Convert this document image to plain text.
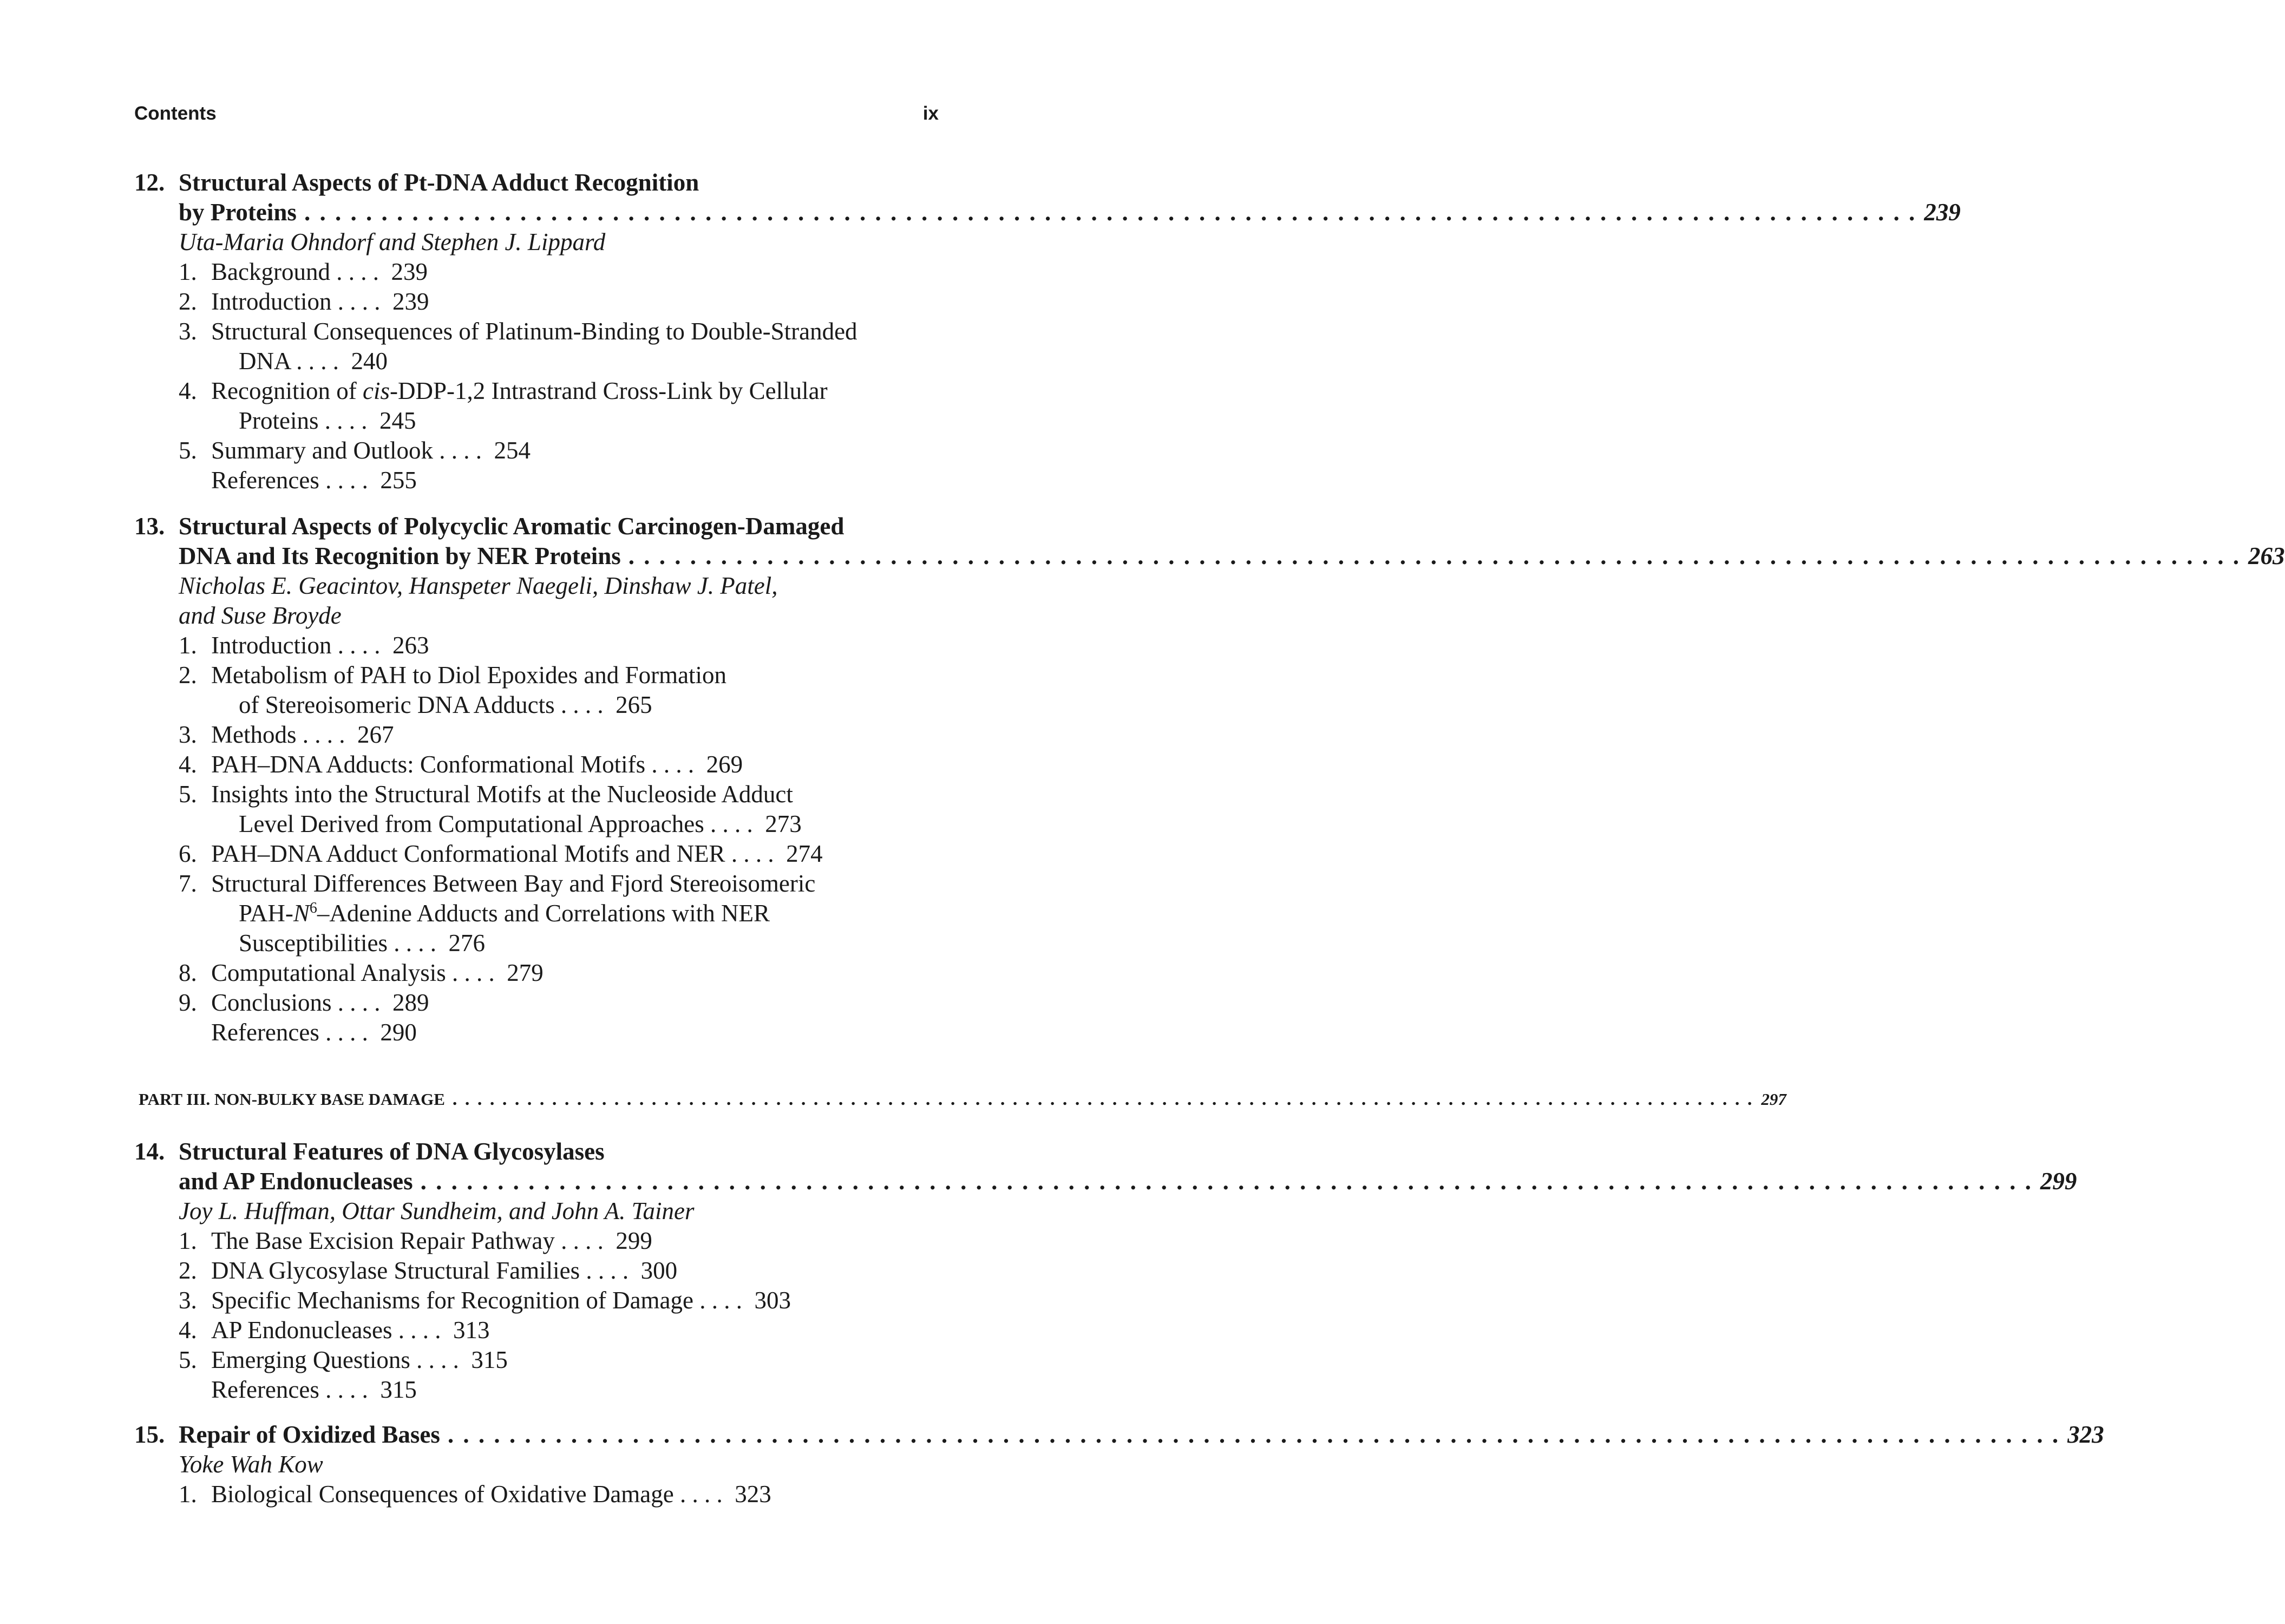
Contents	ix
12. Structural Aspects of Pt-DNA Adduct Recognition
by Proteins . . . . . . . . . . . . . . . . . . . . . . . . . . . . . . . . . . . . . . . . . . . . . . . . . . . . . . . . . . . . . . . . . . . . . . . . . . . . . . . . . . . . . . . . . . . . . . . . . . . . . . . . . 239
Uta-Maria Ohndorf and Stephen J. Lippard
1. Background . . . .  239
2. Introduction . . . .  239
3. Structural Consequences of Platinum-Binding to Double-Stranded
DNA . . . .  240
4. Recognition of cis-DDP-1,2 Intrastrand Cross-Link by Cellular
Proteins . . . .  245
5. Summary and Outlook . . . .  254
References . . . .  255
13. Structural Aspects of Polycyclic Aromatic Carcinogen-Damaged
DNA and Its Recognition by NER Proteins . . . . . . . . . . . . . . . . . . . . . . . . . . . . . . . . . . . . . . . . . . . . . . . . . . . . . . . . . . . . . . . . . . . . . . . . . . . . . . . . . . . . . . . . . . . . . . . . . . . . . . . . . 263
Nicholas E. Geacintov, Hanspeter Naegeli, Dinshaw J. Patel,
and Suse Broyde
1. Introduction . . . .  263
2. Metabolism of PAH to Diol Epoxides and Formation
of Stereoisomeric DNA Adducts . . . .  265
3. Methods . . . .  267
4. PAH–DNA Adducts: Conformational Motifs . . . .  269
5. Insights into the Structural Motifs at the Nucleoside Adduct
Level Derived from Computational Approaches . . . .  273
6. PAH–DNA Adduct Conformational Motifs and NER . . . .  274
7. Structural Differences Between Bay and Fjord Stereoisomeric
PAH-$N^6$–Adenine Adducts and Correlations with NER
Susceptibilities . . . .  276
8. Computational Analysis . . . .  279
9. Conclusions . . . .  289
References . . . .  290
PART III. NON-BULKY BASE DAMAGE . . . . . . . . . . . . . . . . . . . . . . . . . . . . . . . . . . . . . . . . . . . . . . . . . . . . . . . . . . . . . . . . . . . . . . . . . . . . . . . . . . . . . . . . . . . . . . . . . . . . . . . . . 297
14. Structural Features of DNA Glycosylases
and AP Endonucleases . . . . . . . . . . . . . . . . . . . . . . . . . . . . . . . . . . . . . . . . . . . . . . . . . . . . . . . . . . . . . . . . . . . . . . . . . . . . . . . . . . . . . . . . . . . . . . . . . . . . . . . . . 299
Joy L. Huffman, Ottar Sundheim, and John A. Tainer
1. The Base Excision Repair Pathway . . . .  299
2. DNA Glycosylase Structural Families . . . .  300
3. Specific Mechanisms for Recognition of Damage . . . .  303
4. AP Endonucleases . . . .  313
5. Emerging Questions . . . .  315
References . . . .  315
15. Repair of Oxidized Bases . . . . . . . . . . . . . . . . . . . . . . . . . . . . . . . . . . . . . . . . . . . . . . . . . . . . . . . . . . . . . . . . . . . . . . . . . . . . . . . . . . . . . . . . . . . . . . . . . . . . . . . . . 323
Yoke Wah Kow
1. Biological Consequences of Oxidative Damage . . . .  323
